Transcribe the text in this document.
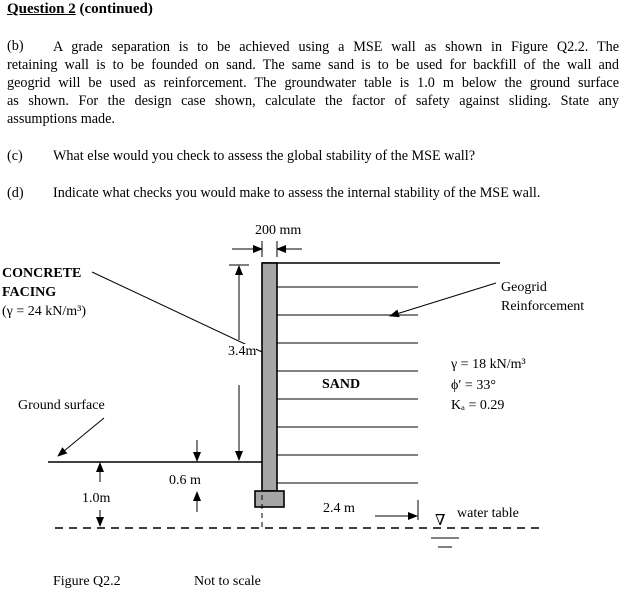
Question 2 (continued)
(b)	A grade separation is to be achieved using a MSE wall as shown in Figure Q2.2. The
retaining wall is to be founded on sand. The same sand is to be used for backfill of the wall and
geogrid will be used as reinforcement. The groundwater table is 1.0 m below the ground surface
as shown. For the design case shown, calculate the factor of safety against sliding. State any
assumptions made.
(c) What else would you check to assess the global stability of the MSE wall?
(d) Indicate what checks you would make to assess the internal stability of the MSE wall.
200 mm
CONCRETE
FACING
(γ = 24 kN/m³)
3.4m
Geogrid
Reinforcement
SAND
γ = 18 kN/m³
ϕ′ = 33°
Kₐ = 0.29
Ground surface
0.6 m
1.0m
2.4 m
∇ water table
Figure Q2.2	Not to scale
